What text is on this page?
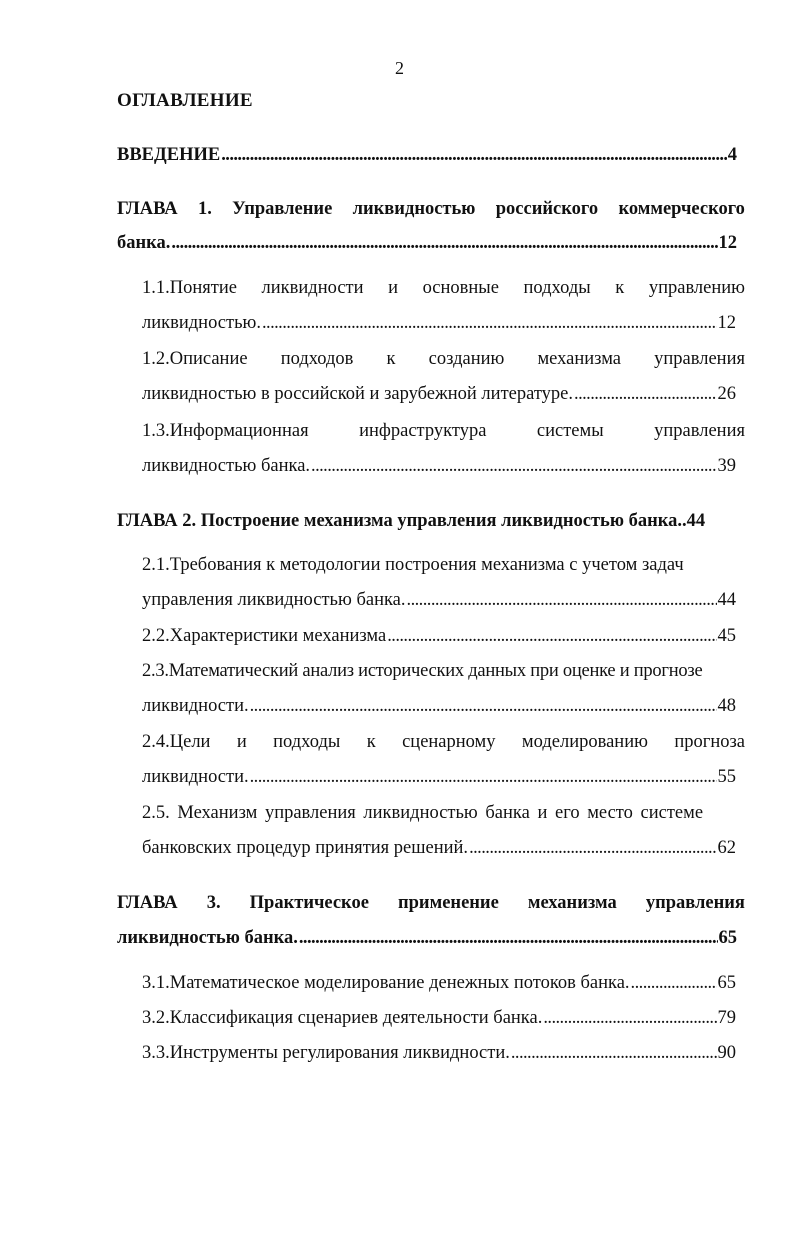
2
ОГЛАВЛЕНИЕ
ВВЕДЕНИЕ . . .	4
ГЛАВА 1. Управление ликвидностью российского коммерческого
банка. . . .	12
1.1.Понятие ликвидности и основные подходы к управлению
ликвидностью. . . .	12
1.2.Описание подходов к созданию механизма управления
ликвидностью в российской и зарубежной литературе. . . .	26
1.3.Информационная	инфраструктура	системы	управления
ликвидностью банка. . . .	39
ГЛАВА 2. Построение механизма управления ликвидностью банка.. 44
2.1.Требования к методологии построения механизма с учетом задач
управления ликвидностью банка. . . .	44
2.2.Характеристики механизма . . .	45
2.3.Математический анализ исторических данных при оценке и прогнозе
ликвидности. . . .	48
2.4.Цели и подходы к сценарному моделированию прогноза
ликвидности. . . .	55
2.5. Механизм управления ликвидностью банка и его место системе
банковских процедур принятия решений. . . .	62
ГЛАВА 3. Практическое применение механизма управления
ликвидностью банка. . . .	65
3.1.Математическое моделирование денежных потоков банка. . . .	65
3.2.Классификация сценариев деятельности банка. . . .	79
3.3.Инструменты регулирования ликвидности. . . .	90
